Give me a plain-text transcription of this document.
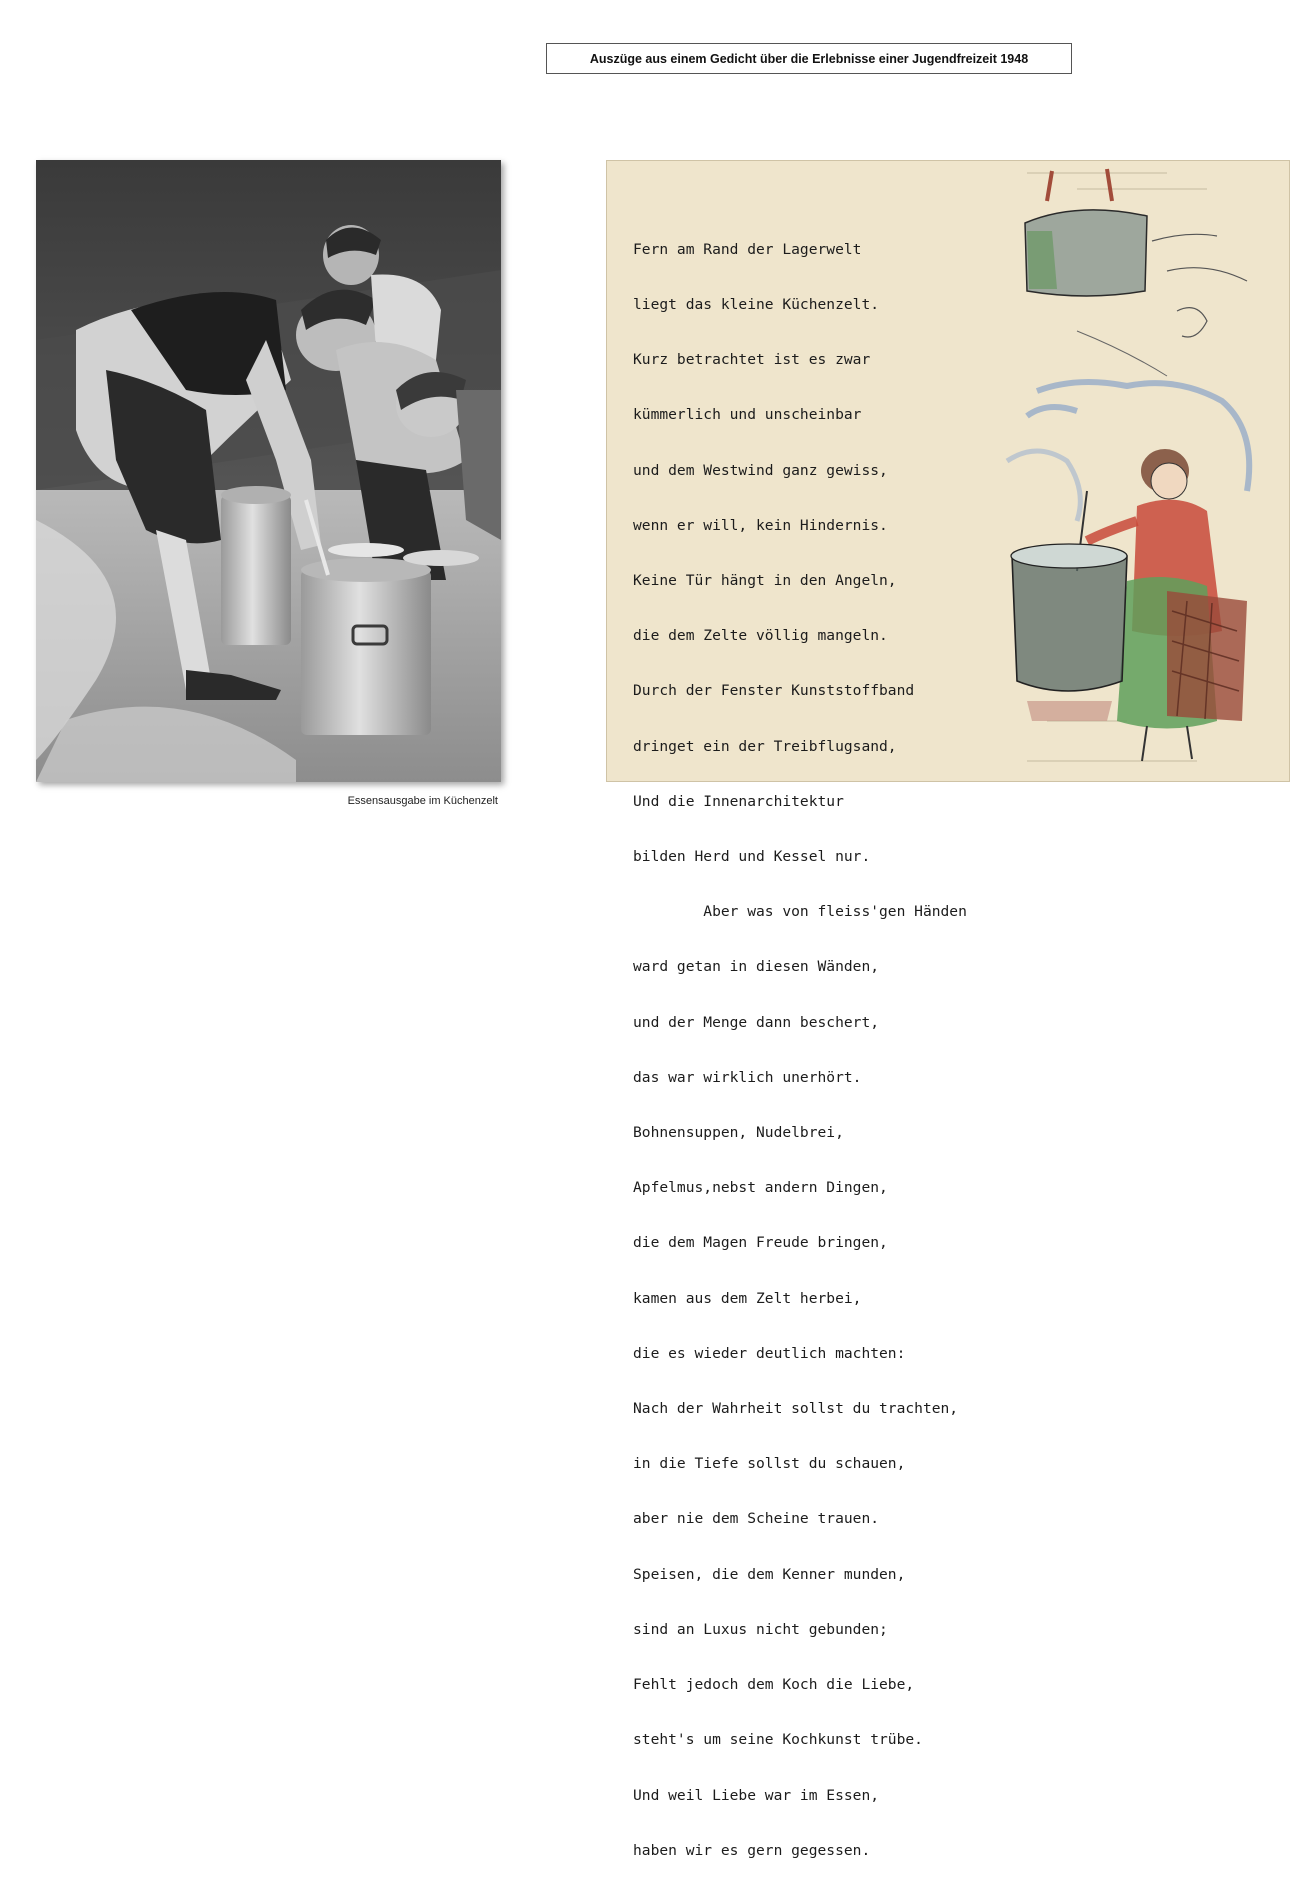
Auszüge aus einem Gedicht über die Erlebnisse einer Jugendfreizeit 1948
Essensausgabe im Küchenzelt

Fern am Rand der Lagerwelt

liegt das kleine Küchenzelt.

Kurz betrachtet ist es zwar

kümmerlich und unscheinbar

und dem Westwind ganz gewiss,

wenn er will, kein Hindernis.

Keine Tür hängt in den Angeln,

die dem Zelte völlig mangeln.

Durch der Fenster Kunststoffband

dringet ein der Treibflugsand,

Und die Innenarchitektur

bilden Herd und Kessel nur.

Aber was von fleiss'gen Händen

ward getan in diesen Wänden,

und der Menge dann beschert,

das war wirklich unerhört.

Bohnensuppen, Nudelbrei,

Apfelmus,nebst andern Dingen,

die dem Magen Freude bringen,

kamen aus dem Zelt herbei,

die es wieder deutlich machten:

Nach der Wahrheit sollst du trachten,

in die Tiefe sollst du schauen,

aber nie dem Scheine trauen.

Speisen, die dem Kenner munden,

sind an Luxus nicht gebunden;

Fehlt jedoch dem Koch die Liebe,

steht's um seine Kochkunst trübe.

Und weil Liebe war im Essen,

haben wir es gern gegessen.
